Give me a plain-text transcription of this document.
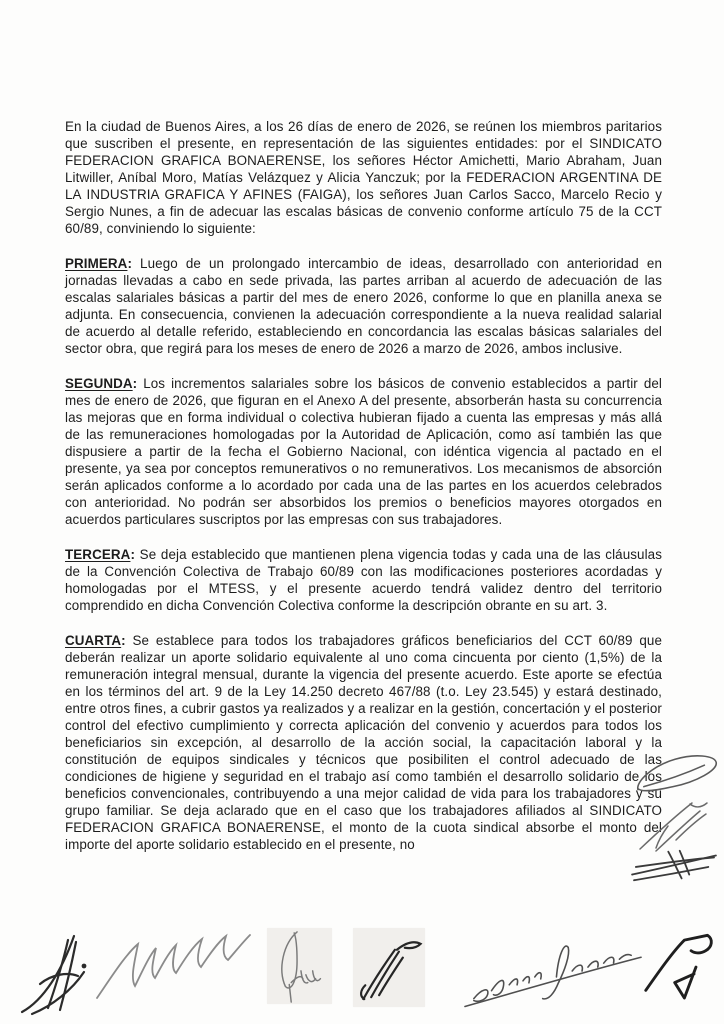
En la ciudad de Buenos Aires, a los 26 días de enero de 2026, se reúnen los miembros paritarios que suscriben el presente, en representación de las siguientes entidades: por el SINDICATO FEDERACION GRAFICA BONAERENSE, los señores Héctor Amichetti, Mario Abraham, Juan Litwiller, Aníbal Moro, Matías Velázquez y Alicia Yanczuk; por la FEDERACION ARGENTINA DE LA INDUSTRIA GRAFICA Y AFINES (FAIGA), los señores Juan Carlos Sacco, Marcelo Recio y Sergio Nunes, a fin de adecuar las escalas básicas de convenio conforme artículo 75 de la CCT 60/89, conviniendo lo siguiente:

PRIMERA: Luego de un prolongado intercambio de ideas, desarrollado con anterioridad en jornadas llevadas a cabo en sede privada, las partes arriban al acuerdo de adecuación de las escalas salariales básicas a partir del mes de enero 2026, conforme lo que en planilla anexa se adjunta. En consecuencia, convienen la adecuación correspondiente a la nueva realidad salarial de acuerdo al detalle referido, estableciendo en concordancia las escalas básicas salariales del sector obra, que regirá para los meses de enero de 2026 a marzo de 2026, ambos inclusive.

SEGUNDA: Los incrementos salariales sobre los básicos de convenio establecidos a partir del mes de enero de 2026, que figuran en el Anexo A del presente, absorberán hasta su concurrencia las mejoras que en forma individual o colectiva hubieran fijado a cuenta las empresas y más allá de las remuneraciones homologadas por la Autoridad de Aplicación, como así también las que dispusiere a partir de la fecha el Gobierno Nacional, con idéntica vigencia al pactado en el presente, ya sea por conceptos remunerativos o no remunerativos. Los mecanismos de absorción serán aplicados conforme a lo acordado por cada una de las partes en los acuerdos celebrados con anterioridad. No podrán ser absorbidos los premios o beneficios mayores otorgados en acuerdos particulares suscriptos por las empresas con sus trabajadores.

TERCERA: Se deja establecido que mantienen plena vigencia todas y cada una de las cláusulas de la Convención Colectiva de Trabajo 60/89 con las modificaciones posteriores acordadas y homologadas por el MTESS, y el presente acuerdo tendrá validez dentro del territorio comprendido en dicha Convención Colectiva conforme la descripción obrante en su art. 3.

CUARTA: Se establece para todos los trabajadores gráficos beneficiarios del CCT 60/89 que deberán realizar un aporte solidario equivalente al uno coma cincuenta por ciento (1,5%) de la remuneración integral mensual, durante la vigencia del presente acuerdo. Este aporte se efectúa en los términos del art. 9 de la Ley 14.250 decreto 467/88 (t.o. Ley 23.545) y estará destinado, entre otros fines, a cubrir gastos ya realizados y a realizar en la gestión, concertación y el posterior control del efectivo cumplimiento y correcta aplicación del convenio y acuerdos para todos los beneficiarios sin excepción, al desarrollo de la acción social, la capacitación laboral y la constitución de equipos sindicales y técnicos que posibiliten el control adecuado de las condiciones de higiene y seguridad en el trabajo así como también el desarrollo solidario de los beneficios convencionales, contribuyendo a una mejor calidad de vida para los trabajadores y su grupo familiar. Se deja aclarado que en el caso que los trabajadores afiliados al SINDICATO FEDERACION GRAFICA BONAERENSE, el monto de la cuota sindical absorbe el monto del importe del aporte solidario establecido en el presente, no
